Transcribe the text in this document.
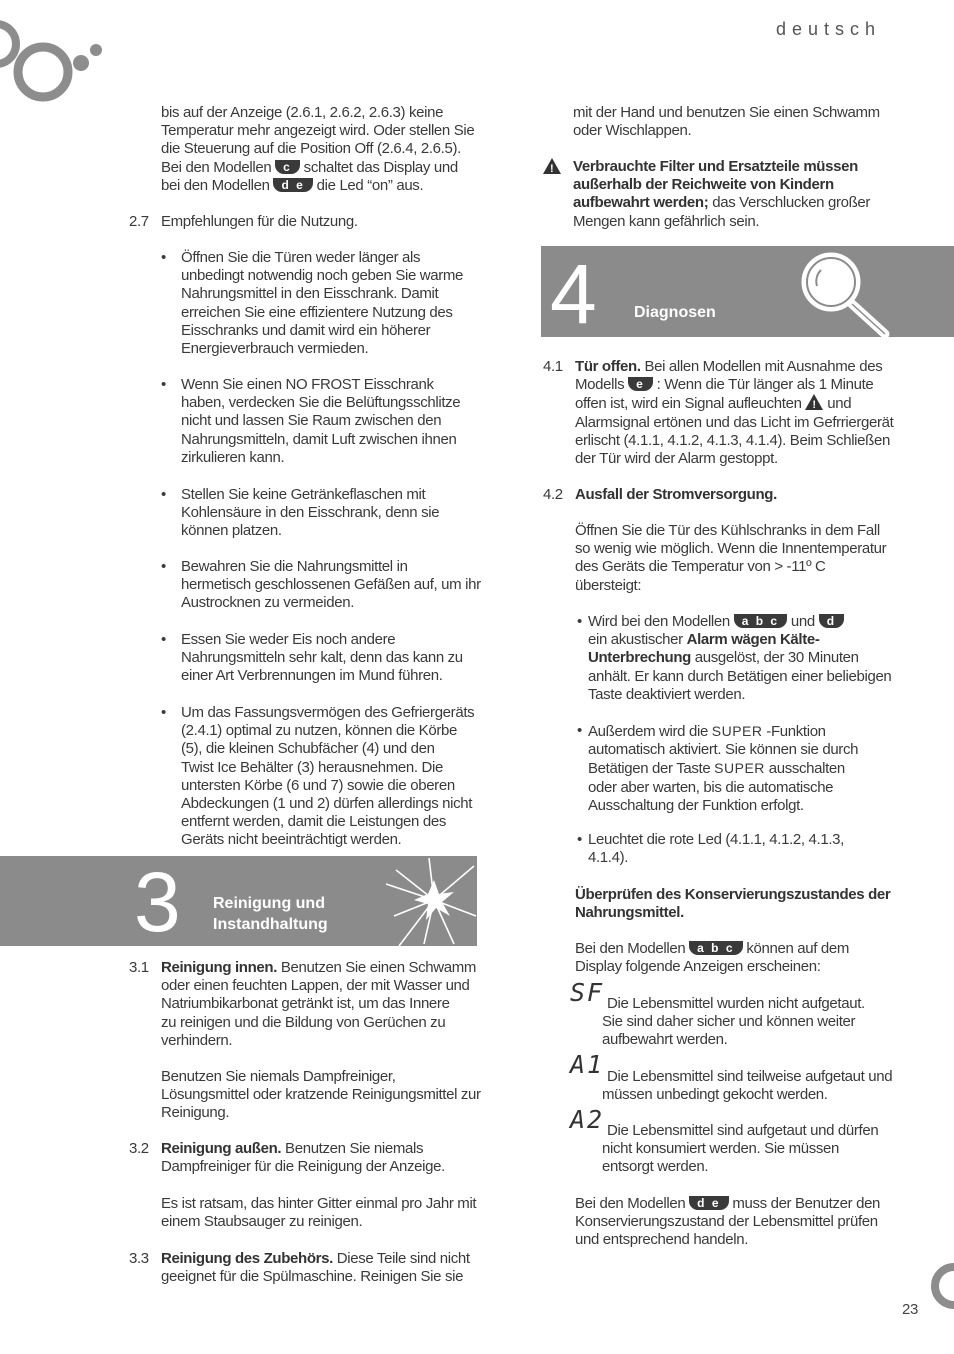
deutsch
23

bis auf der Anzeige (2.6.1, 2.6.2, 2.6.3) keine

Temperatur mehr angezeigt wird. Oder stellen Sie

die Steuerung auf die Position Off (2.6.4, 2.6.5).

Bei den Modellen c schaltet das Display und

bei den Modellen d e die Led “on” aus.

2.7 Empfehlungen für die Nutzung.
• Öffnen Sie die Türen weder länger als

unbedingt notwendig noch geben Sie warme

Nahrungsmittel in den Eisschrank. Damit

erreichen Sie eine effizientere Nutzung des

Eisschranks und damit wird ein höherer

Energieverbrauch vermieden.

• Wenn Sie einen NO FROST Eisschrank

haben, verdecken Sie die Belüftungsschlitze

nicht und lassen Sie Raum zwischen den

Nahrungsmitteln, damit Luft zwischen ihnen

zirkulieren kann.

• Stellen Sie keine Getränkeflaschen mit

Kohlensäure in den Eisschrank, denn sie

können platzen.

• Bewahren Sie die Nahrungsmittel in

hermetisch geschlossenen Gefäßen auf, um ihr

Austrocknen zu vermeiden.

• Essen Sie weder Eis noch andere

Nahrungsmitteln sehr kalt, denn das kann zu

einer Art Verbrennungen im Mund führen.

• Um das Fassungsvermögen des Gefriergeräts

(2.4.1) optimal zu nutzen, können die Körbe

(5), die kleinen Schubfächer (4) und den

Twist Ice Behälter (3) herausnehmen. Die

untersten Körbe (6 und 7) sowie die oberen

Abdeckungen (1 und 2) dürfen allerdings nicht

entfernt werden, damit die Leistungen des

Geräts nicht beeinträchtigt werden.

3 Reinigung und
Instandhaltung
3.1 Reinigung innen. Benutzen Sie einen Schwamm

oder einen feuchten Lappen, der mit Wasser und

Natriumbikarbonat getränkt ist, um das Innere

zu reinigen und die Bildung von Gerüchen zu

verhindern.

Benutzen Sie niemals Dampfreiniger,

Lösungsmittel oder kratzende Reinigungsmittel zur

Reinigung.

3.2 Reinigung außen. Benutzen Sie niemals

Dampfreiniger für die Reinigung der Anzeige.

Es ist ratsam, das hinter Gitter einmal pro Jahr mit

einem Staubsauger zu reinigen.

3.3 Reinigung des Zubehörs. Diese Teile sind nicht

geeignet für die Spülmaschine. Reinigen Sie sie

mit der Hand und benutzen Sie einen Schwamm

oder Wischlappen.

!

Verbrauchte Filter und Ersatzteile müssen

außerhalb der Reichweite von Kindern

aufbewahrt werden; das Verschlucken großer

Mengen kann gefährlich sein.

4 Diagnosen
4.1 Tür offen. Bei allen Modellen mit Ausnahme des

Modells e : Wenn die Tür länger als 1 Minute

offen ist, wird ein Signal aufleuchten ! und

Alarmsignal ertönen und das Licht im Gefrriergerät

erlischt (4.1.1, 4.1.2, 4.1.3, 4.1.4). Beim Schließen

der Tür wird der Alarm gestoppt.

4.2 Ausfall der Stromversorgung.

Öffnen Sie die Tür des Kühlschranks in dem Fall

so wenig wie möglich. Wenn die Innentemperatur

des Geräts die Temperatur von > -11º C

übersteigt:

• Wird bei den Modellen a b c und d

ein akustischer Alarm wägen Kälte-

Unterbrechung ausgelöst, der 30 Minuten

anhält. Er kann durch Betätigen einer beliebigen

Taste deaktiviert werden.

• Außerdem wird die SUPER -Funktion

automatisch aktiviert. Sie können sie durch

Betätigen der Taste SUPER ausschalten

oder aber warten, bis die automatische

Ausschaltung der Funktion erfolgt.

• Leuchtet die rote Led (4.1.1, 4.1.2, 4.1.3,

4.1.4).

Überprüfen des Konservierungszustandes der

Nahrungsmittel.

Bei den Modellen a b c können auf dem

Display folgende Anzeigen erscheinen:

SF Die Lebensmittel wurden nicht aufgetaut.

Sie sind daher sicher und können weiter

aufbewahrt werden.

A1 Die Lebensmittel sind teilweise aufgetaut und

müssen unbedingt gekocht werden.

A2 Die Lebensmittel sind aufgetaut und dürfen

nicht konsumiert werden. Sie müssen

entsorgt werden.

Bei den Modellen d e muss der Benutzer den

Konservierungszustand der Lebensmittel prüfen

und entsprechend handeln.
